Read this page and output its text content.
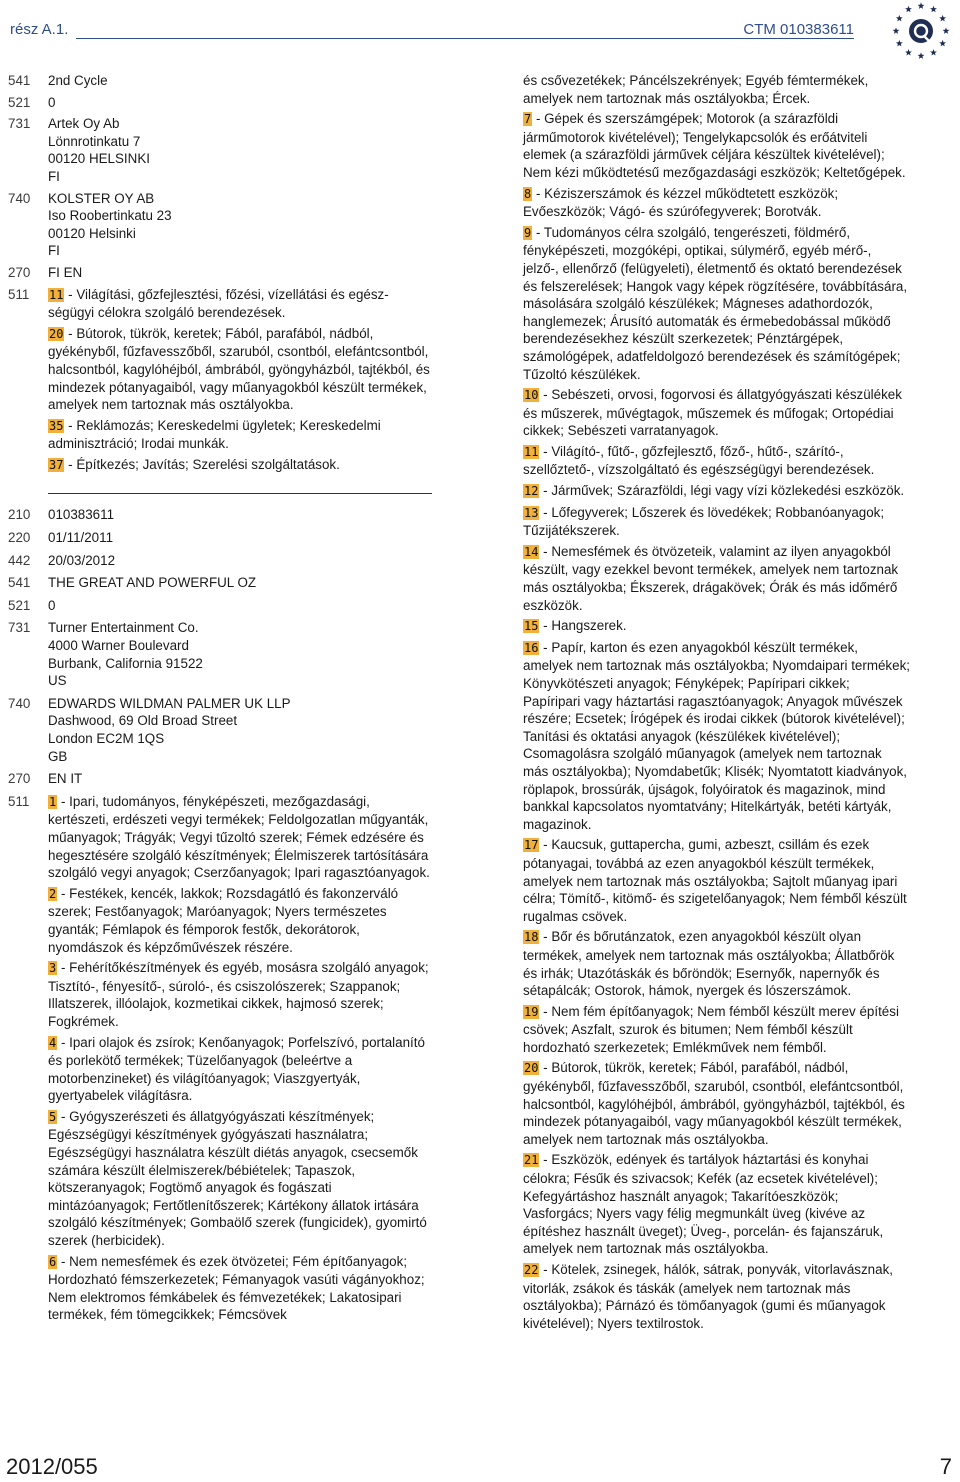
rész A.1.	CTM 010383611
541	2nd Cycle
521	0
731	Artek Oy Ab
Lönnrotinkatu 7
00120 HELSINKI
FI
740	KOLSTER OY AB
Iso Roobertinkatu 23
00120 Helsinki
FI
270	FI EN
511	11 - Világítási, gőzfejlesztési, főzési, vízellátási és egész-ségügyi célokra szolgáló berendezések.
20 - Bútorok, tükrök, keretek; Fából, parafából, nádból, gyékényből, fűzfavesszőből, szaruból, csontból, elefántcsontból, halcsontból, kagylóhéjból, ámbrából, gyöngyházból, tajtékból, és mindezek pótanyagaiból, vagy műanyagokból készült termékek, amelyek nem tartoznak más osztályokba.
35 - Reklámozás; Kereskedelmi ügyletek; Kereskedelmi adminisztráció; Irodai munkák.
37 - Építkezés; Javítás; Szerelési szolgáltatások.
210	010383611
220	01/11/2011
442	20/03/2012
541	THE GREAT AND POWERFUL OZ
521	0
731	Turner Entertainment Co.
4000 Warner Boulevard
Burbank, California 91522
US
740	EDWARDS WILDMAN PALMER UK LLP
Dashwood, 69 Old Broad Street
London EC2M 1QS
GB
270	EN IT
511	1 - Ipari, tudományos, fényképészeti, mezőgazdasági, kertészeti, erdészeti vegyi termékek; Feldolgozatlan műgyanták, műanyagok; Trágyák; Vegyi tűzoltó szerek; Fémek edzésére és hegesztésére szolgáló készítmények; Élelmiszerek tartósítására szolgáló vegyi anyagok; Cserzőanyagok; Ipari ragasztóanyagok.
2 - Festékek, kencék, lakkok; Rozsdagátló és fakonzerváló szerek; Festőanyagok; Maróanyagok; Nyers természetes gyanták; Fémlapok és fémporok festők, dekorátorok, nyomdászok és képzőművészek részére.
3 - Fehérítőkészítmények és egyéb, mosásra szolgáló anyagok; Tisztító-, fényesítő-, súroló-, és csiszolószerek; Szappanok; Illatszerek, illóolajok, kozmetikai cikkek, hajmosó szerek; Fogkrémek.
4 - Ipari olajok és zsírok; Kenőanyagok; Porfelszívó, portalanító és porlekötő termékek; Tüzelőanyagok (beleértve a motorbenzineket) és világítóanyagok; Viaszgyertyák, gyertyabelek világításra.
5 - Gyógyszerészeti és állatgyógyászati készítmények; Egészségügyi készítmények gyógyászati használatra; Egészségügyi használatra készült diétás anyagok, csecsemők számára készült élelmiszerek/bébiételek; Tapaszok, kötszeranyagok; Fogtömő anyagok és fogászati mintázóanyagok; Fertőtlenítőszerek; Kártékony állatok irtására szolgáló készítmények; Gombaölő szerek (fungicidek), gyomirtó szerek (herbicidek).
6 - Nem nemesfémek és ezek ötvözetei; Fém építőanyagok; Hordozható fémszerkezetek; Fémanyagok vasúti vágányokhoz; Nem elektromos fémkábelek és fémvezetékek; Lakatosipari termékek, fém tömegcikkek; Fémcsövek
és csővezetékek; Páncélszekrények; Egyéb fémtermékek, amelyek nem tartoznak más osztályokba; Ércek.
7 - Gépek és szerszámgépek; Motorok (a szárazföldi járműmotorok kivételével); Tengelykapcsolók és erőátviteli elemek (a szárazföldi járművek céljára készültek kivételével); Nem kézi működtetésű mezőgazdasági eszközök; Keltetőgépek.
8 - Kéziszerszámok és kézzel működtetett eszközök; Evőeszközök; Vágó- és szúrófegyverek; Borotvák.
9 - Tudományos célra szolgáló, tengerészeti, földmérő, fényképészeti, mozgóképi, optikai, súlymérő, egyéb mérő-, jelző-, ellenőrző (felügyeleti), életmentő és oktató berendezések és felszerelések; Hangok vagy képek rögzítésére, továbbítására, másolására szolgáló készülékek; Mágneses adathordozók, hanglemezek; Árusító automaták és érmebedobással működő berendezésekhez készült szerkezetek; Pénztárgépek, számológépek, adatfeldolgozó berendezések és számítógépek; Tűzoltó készülékek.
10 - Sebészeti, orvosi, fogorvosi és állatgyógyászati készülékek és műszerek, művégtagok, műszemek és műfogak; Ortopédiai cikkek; Sebészeti varratanyagok.
11 - Világító-, fűtő-, gőzfejlesztő, főző-, hűtő-, szárító-, szellőztető-, vízszolgáltató és egészségügyi berendezések.
12 - Járművek; Szárazföldi, légi vagy vízi közlekedési eszközök.
13 - Lőfegyverek; Lőszerek és lövedékek; Robbanóanyagok; Tűzijátékszerek.
14 - Nemesfémek és ötvözeteik, valamint az ilyen anyagokból készült, vagy ezekkel bevont termékek, amelyek nem tartoznak más osztályokba; Ékszerek, drágakövek; Órák és más időmérő eszközök.
15 - Hangszerek.
16 - Papír, karton és ezen anyagokból készült termékek, amelyek nem tartoznak más osztályokba; Nyomdaipari termékek; Könyvkötészeti anyagok; Fényképek; Papíripari cikkek; Papíripari vagy háztartási ragasztóanyagok; Anyagok művészek részére; Ecsetek; Írógépek és irodai cikkek (bútorok kivételével); Tanítási és oktatási anyagok (készülékek kivételével); Csomagolásra szolgáló műanyagok (amelyek nem tartoznak más osztályokba); Nyomdabetűk; Klisék; Nyomtatott kiadványok, röplapok, brossúrák, újságok, folyóiratok és magazinok, mind bankkal kapcsolatos nyomtatvány; Hitelkártyák, betéti kártyák, magazinok.
17 - Kaucsuk, guttapercha, gumi, azbeszt, csillám és ezek pótanyagai, továbbá az ezen anyagokból készült termékek, amelyek nem tartoznak más osztályokba; Sajtolt műanyag ipari célra; Tömítő-, kitömő- és szigetelőanyagok; Nem fémből készült rugalmas csövek.
18 - Bőr és bőrutánzatok, ezen anyagokból készült olyan termékek, amelyek nem tartoznak más osztályokba; Állatbőrök és irhák; Utazótáskák és bőröndök; Esernyők, napernyők és sétapálcák; Ostorok, hámok, nyergek és lószerszámok.
19 - Nem fém építőanyagok; Nem fémből készült merev építési csövek; Aszfalt, szurok és bitumen; Nem fémből készült hordozható szerkezetek; Emlékművek nem fémből.
20 - Bútorok, tükrök, keretek; Fából, parafából, nádból, gyékényből, fűzfavesszőből, szaruból, csontból, elefántcsontból, halcsontból, kagylóhéjból, ámbrából, gyöngyházból, tajtékból, és mindezek pótanyagaiból, vagy műanyagokból készült termékek, amelyek nem tartoznak más osztályokba.
21 - Eszközök, edények és tartályok háztartási és konyhai célokra; Fésűk és szivacsok; Kefék (az ecsetek kivételével); Kefegyártáshoz használt anyagok; Takarítóeszközök; Vasforgács; Nyers vagy félig megmunkált üveg (kivéve az építéshez használt üveget); Üveg-, porcelán- és fajanszáruk, amelyek nem tartoznak más osztályokba.
22 - Kötelek, zsinegek, hálók, sátrak, ponyvák, vitorlavásznak, vitorlák, zsákok és táskák (amelyek nem tartoznak más osztályokba); Párnázó és tömőanyagok (gumi és műanyagok kivételével); Nyers textilrostok.
2012/055	7
